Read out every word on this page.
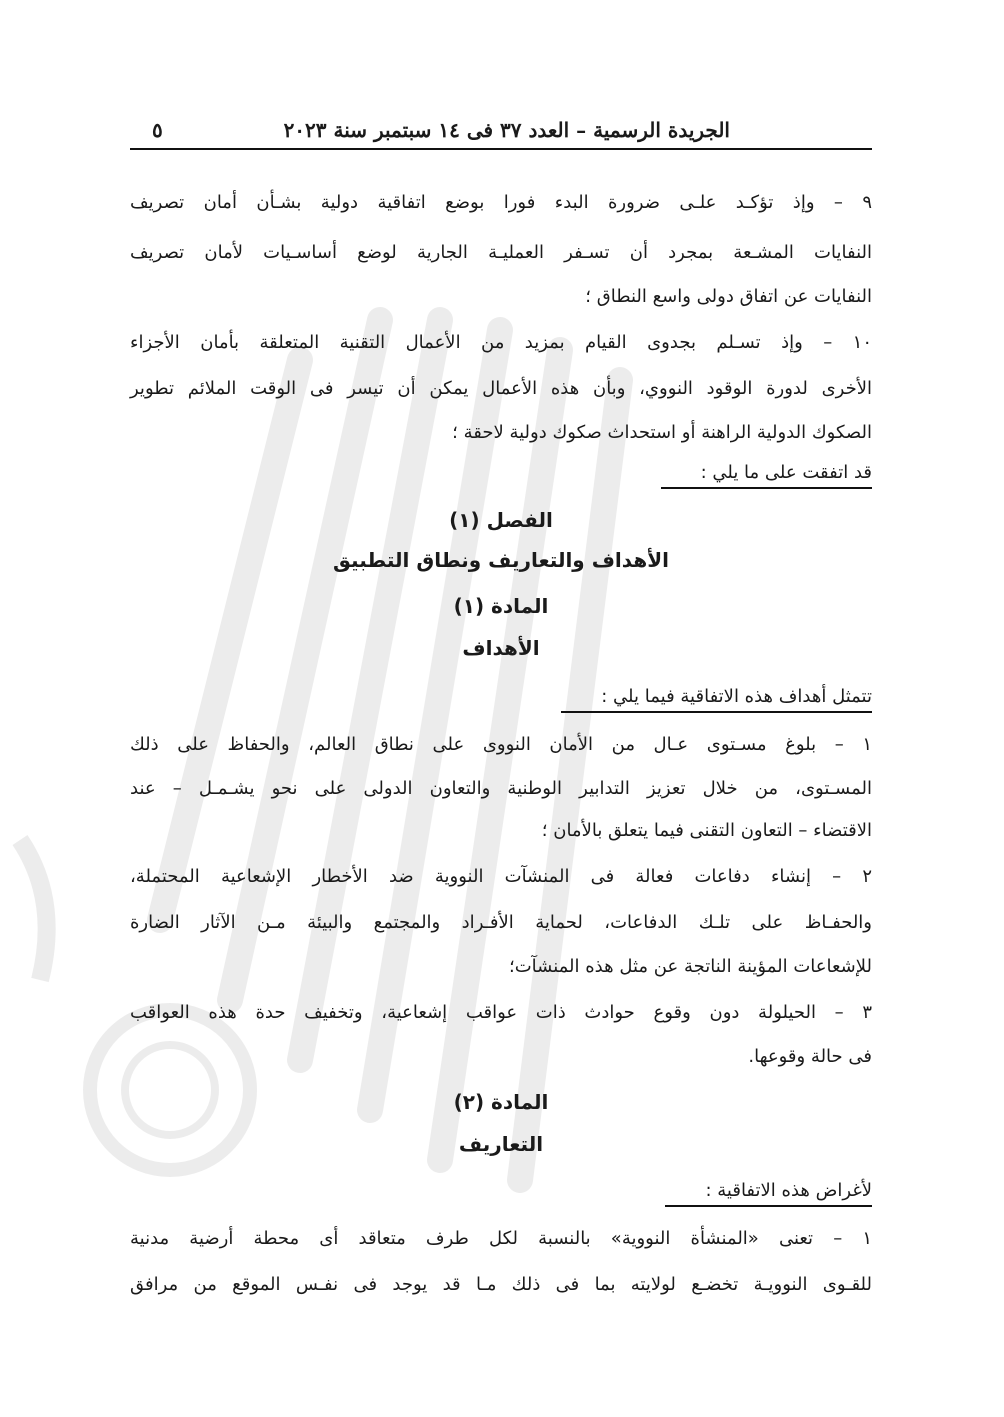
٥	الجريدة الرسمية – العدد ٣٧ فى ١٤ سبتمبر سنة ٢٠٢٣
٩ – وإذ تؤكـد علـى ضرورة البدء فورا بوضع اتفاقية دولية بشـأن أمان تصريف
النفايات المشـعة بمجرد أن تسـفر العمليـة الجارية لوضع أساسـيات لأمان تصريف
النفايات عن اتفاق دولى واسع النطاق ؛
١٠ – وإذ تسـلم بجدوى القيام بمزيد من الأعمال التقنية المتعلقة بأمان الأجزاء
الأخرى لدورة الوقود النووي، وبأن هذه الأعمال يمكن أن تيسر فى الوقت الملائم تطوير
الصكوك الدولية الراهنة أو استحداث صكوك دولية لاحقة ؛
قد اتفقت على ما يلي :
الفصل (١)
الأهداف والتعاريف ونطاق التطبيق
المادة (١)
الأهداف
تتمثل أهداف هذه الاتفاقية فيما يلي :
١ – بلوغ مسـتوى عـال من الأمان النووى على نطاق العالم، والحفاظ على ذلك
المسـتوى، من خلال تعزيز التدابير الوطنية والتعاون الدولى على نحو يشـمـل – عند
الاقتضاء – التعاون التقنى فيما يتعلق بالأمان ؛
٢ – إنشاء دفاعات فعالة فى المنشآت النووية ضد الأخطار الإشعاعية المحتملة،
والحفـاظ على تلـك الدفاعات، لحماية الأفـراد والمجتمع والبيئة مـن الآثار الضارة
للإشعاعات المؤينة الناتجة عن مثل هذه المنشآت؛
٣ – الحيلولة دون وقوع حوادث ذات عواقب إشعاعية، وتخفيف حدة هذه العواقب
فى حالة وقوعها.
المادة (٢)
التعاريف
لأغراض هذه الاتفاقية :
١ – تعنى «المنشأة النووية» بالنسبة لكل طرف متعاقد أى محطة أرضية مدنية
للقـوى النوويـة تخضـع لولايته بما فى ذلك مـا قد يوجد فى نفـس الموقع من مرافق
